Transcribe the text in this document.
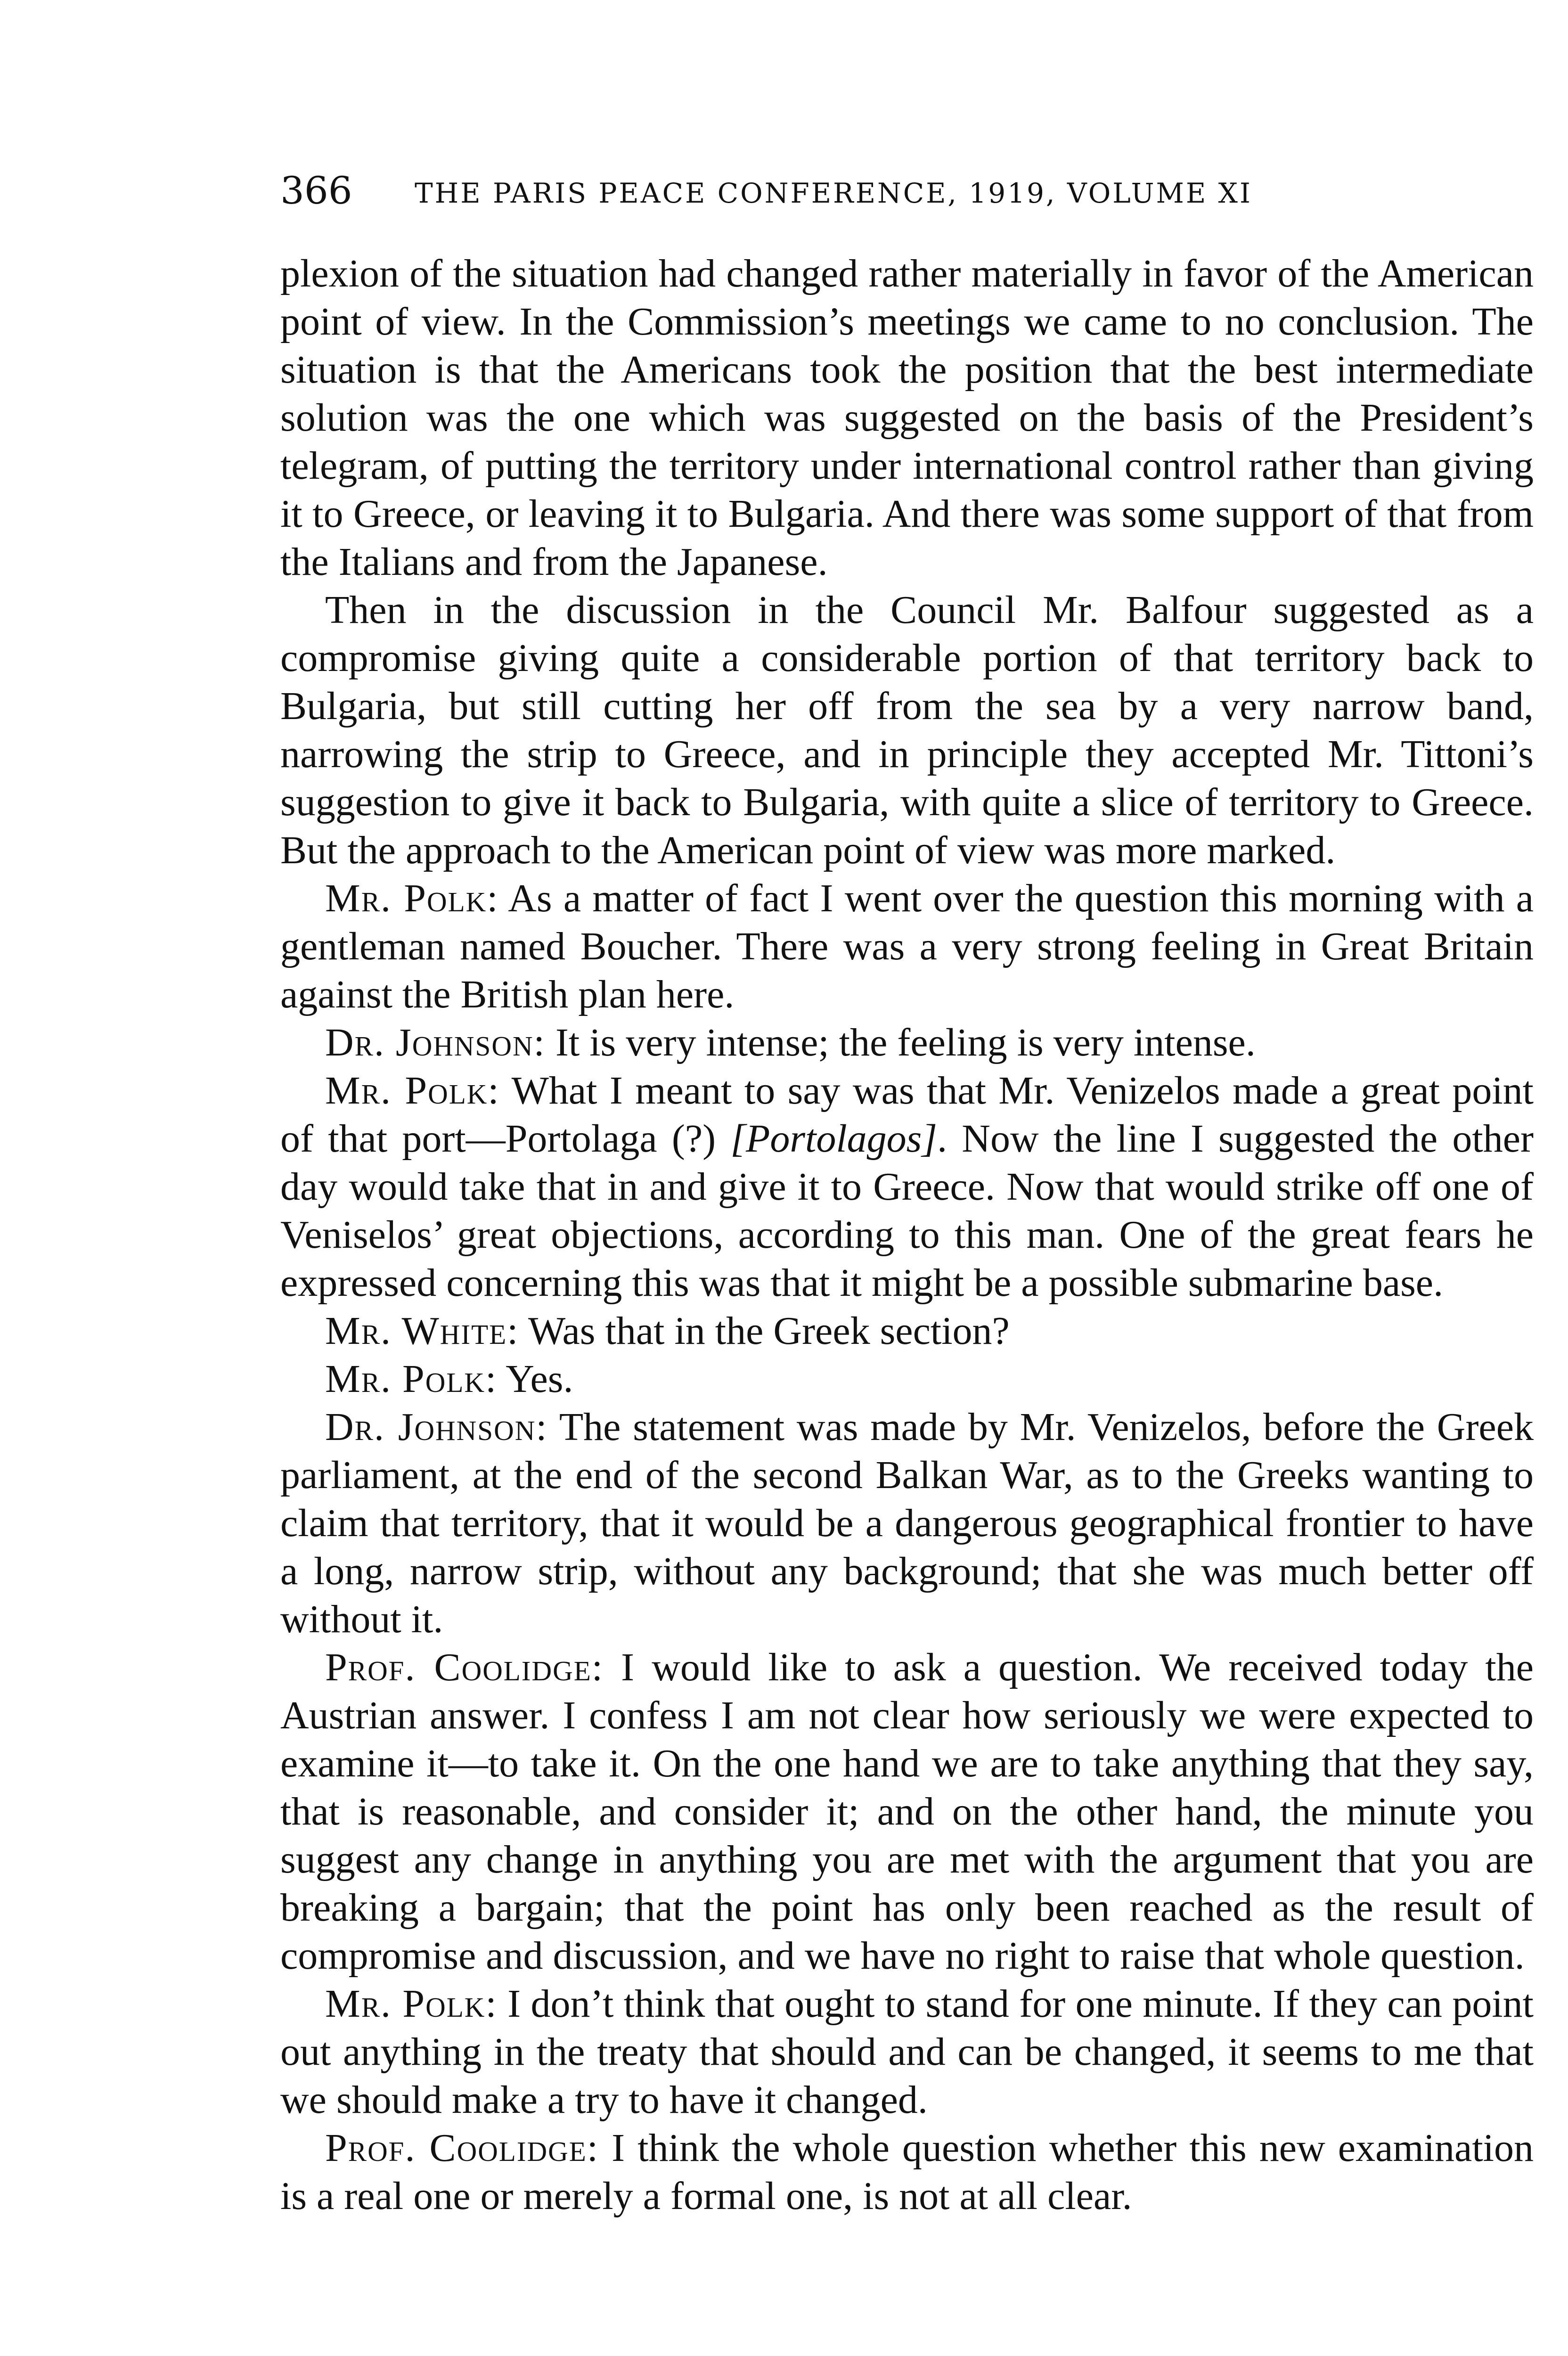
366 THE PARIS PEACE CONFERENCE, 1919, VOLUME XI

plexion of the situation had changed rather materially in favor of the American point of view. In the Commission’s meetings we came to no conclusion. The situation is that the Americans took the position that the best intermediate solution was the one which was suggested on the basis of the President’s telegram, of putting the territory under international control rather than giving it to Greece, or leaving it to Bulgaria. And there was some support of that from the Italians and from the Japanese.

Then in the discussion in the Council Mr. Balfour suggested as a compromise giving quite a considerable portion of that territory back to Bulgaria, but still cutting her off from the sea by a very narrow band, narrowing the strip to Greece, and in principle they accepted Mr. Tittoni’s suggestion to give it back to Bulgaria, with quite a slice of territory to Greece. But the approach to the American point of view was more marked.

Mr. Polk: As a matter of fact I went over the question this morning with a gentleman named Boucher. There was a very strong feeling in Great Britain against the British plan here.

Dr. Johnson: It is very intense; the feeling is very intense.

Mr. Polk: What I meant to say was that Mr. Venizelos made a great point of that port—Portolaga (?) [Portolagos]. Now the line I suggested the other day would take that in and give it to Greece. Now that would strike off one of Veniselos’ great objections, according to this man. One of the great fears he expressed concerning this was that it might be a possible submarine base.

Mr. White: Was that in the Greek section?

Mr. Polk: Yes.

Dr. Johnson: The statement was made by Mr. Venizelos, before the Greek parliament, at the end of the second Balkan War, as to the Greeks wanting to claim that territory, that it would be a dangerous geographical frontier to have a long, narrow strip, without any background; that she was much better off without it.

Prof. Coolidge: I would like to ask a question. We received today the Austrian answer. I confess I am not clear how seriously we were expected to examine it—to take it. On the one hand we are to take anything that they say, that is reasonable, and consider it; and on the other hand, the minute you suggest any change in anything you are met with the argument that you are breaking a bargain; that the point has only been reached as the result of compromise and discussion, and we have no right to raise that whole question.

Mr. Polk: I don’t think that ought to stand for one minute. If they can point out anything in the treaty that should and can be changed, it seems to me that we should make a try to have it changed.

Prof. Coolidge: I think the whole question whether this new examination is a real one or merely a formal one, is not at all clear.
